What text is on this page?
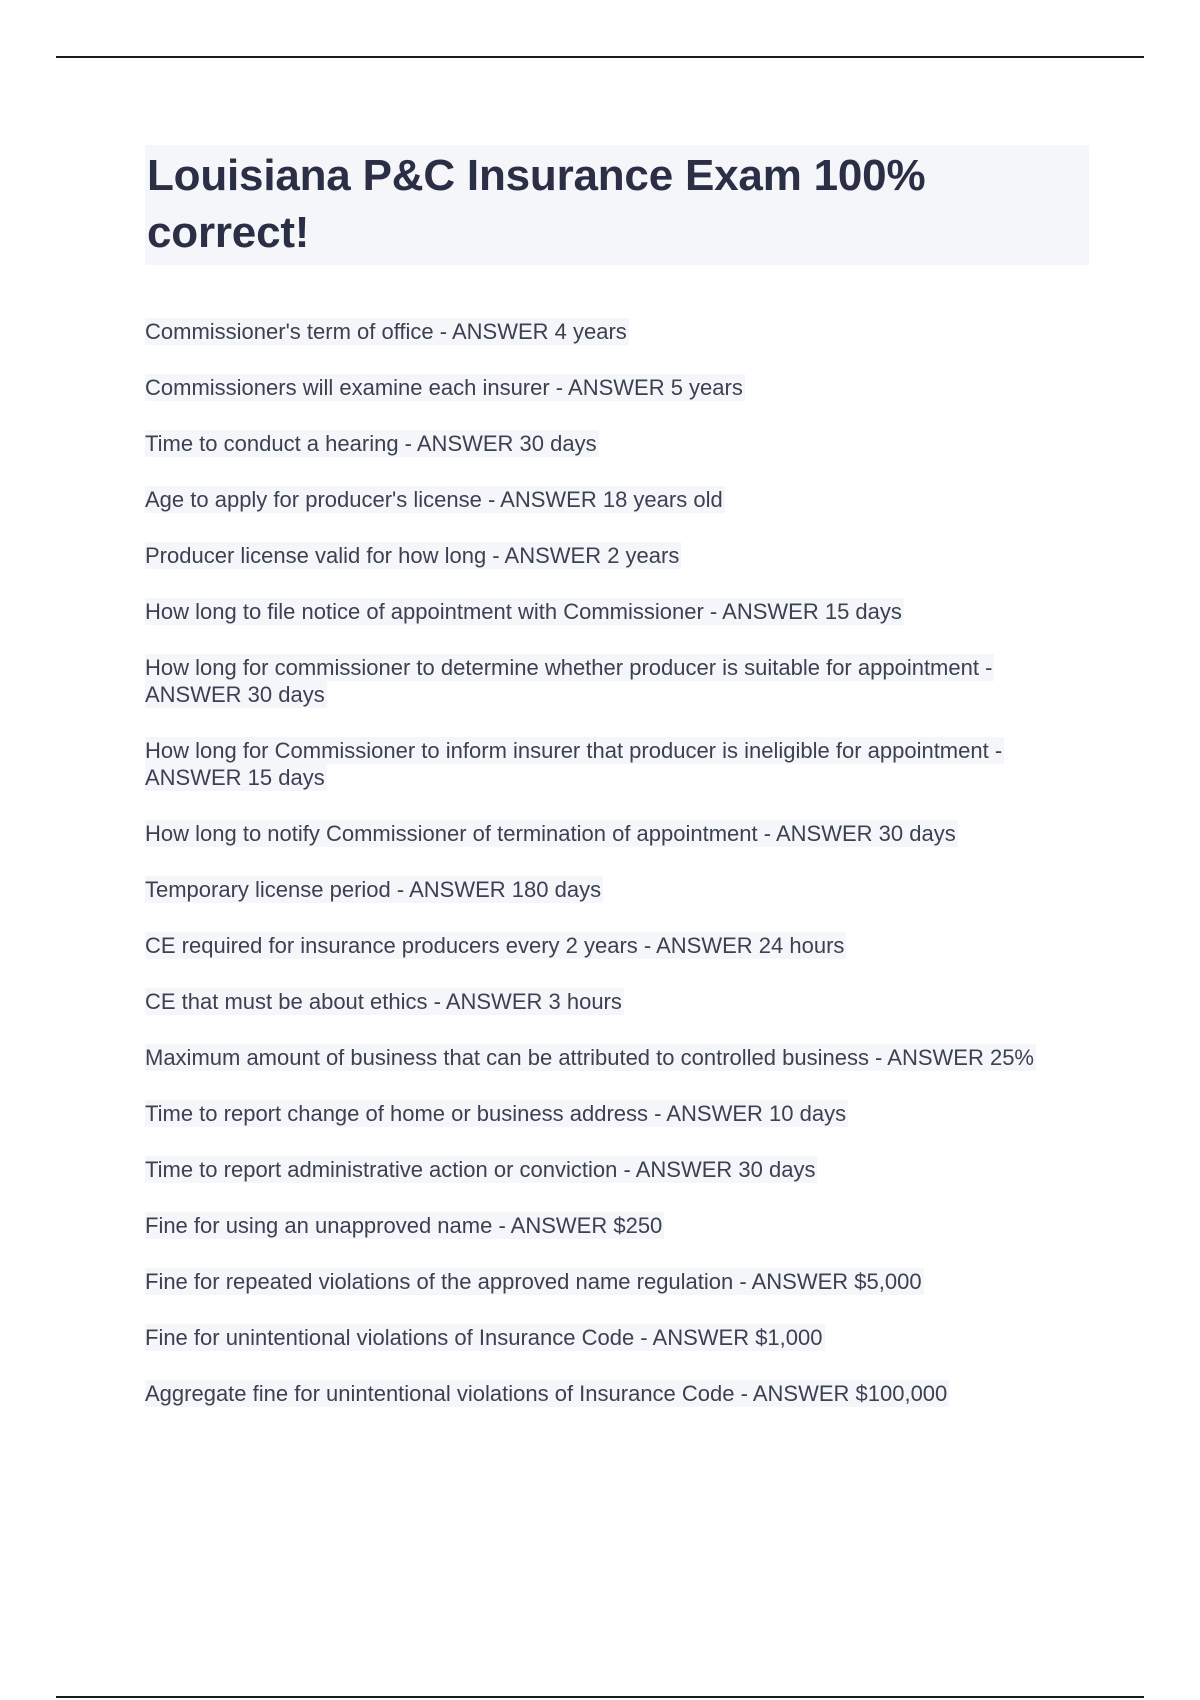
Louisiana P&C Insurance Exam 100% correct!

Commissioner's term of office - ANSWER 4 years

Commissioners will examine each insurer - ANSWER 5 years

Time to conduct a hearing - ANSWER 30 days

Age to apply for producer's license - ANSWER 18 years old

Producer license valid for how long - ANSWER 2 years

How long to file notice of appointment with Commissioner - ANSWER 15 days

How long for commissioner to determine whether producer is suitable for appointment - ANSWER 30 days

How long for Commissioner to inform insurer that producer is ineligible for appointment - ANSWER 15 days

How long to notify Commissioner of termination of appointment - ANSWER 30 days

Temporary license period - ANSWER 180 days

CE required for insurance producers every 2 years - ANSWER 24 hours

CE that must be about ethics - ANSWER 3 hours

Maximum amount of business that can be attributed to controlled business - ANSWER 25%

Time to report change of home or business address - ANSWER 10 days

Time to report administrative action or conviction - ANSWER 30 days

Fine for using an unapproved name - ANSWER $250

Fine for repeated violations of the approved name regulation - ANSWER $5,000

Fine for unintentional violations of Insurance Code - ANSWER $1,000

Aggregate fine for unintentional violations of Insurance Code - ANSWER $100,000
